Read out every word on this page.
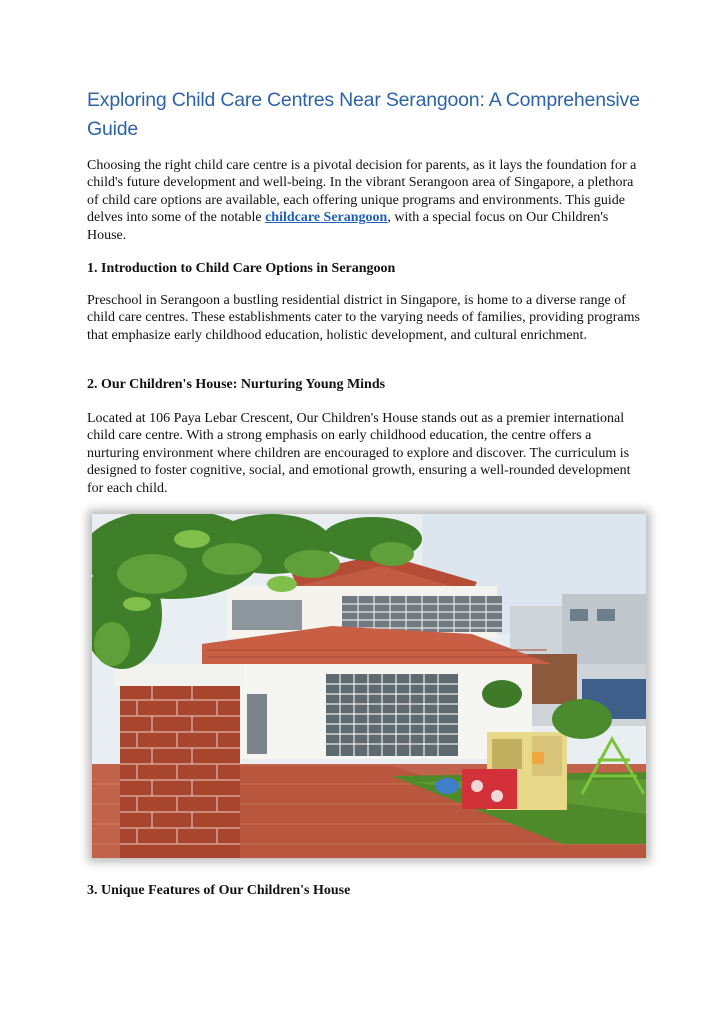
Exploring Child Care Centres Near Serangoon: A Comprehensive Guide

Choosing the right child care centre is a pivotal decision for parents, as it lays the foundation for a child's future development and well-being. In the vibrant Serangoon area of Singapore, a plethora of child care options are available, each offering unique programs and environments. This guide delves into some of the notable childcare Serangoon, with a special focus on Our Children's House.

1. Introduction to Child Care Options in Serangoon

Preschool in Serangoon a bustling residential district in Singapore, is home to a diverse range of child care centres. These establishments cater to the varying needs of families, providing programs that emphasize early childhood education, holistic development, and cultural enrichment.

2. Our Children's House: Nurturing Young Minds

Located at 106 Paya Lebar Crescent, Our Children's House stands out as a premier international child care centre. With a strong emphasis on early childhood education, the centre offers a nurturing environment where children are encouraged to explore and discover. The curriculum is designed to foster cognitive, social, and emotional growth, ensuring a well-rounded development for each child.

3. Unique Features of Our Children's House
